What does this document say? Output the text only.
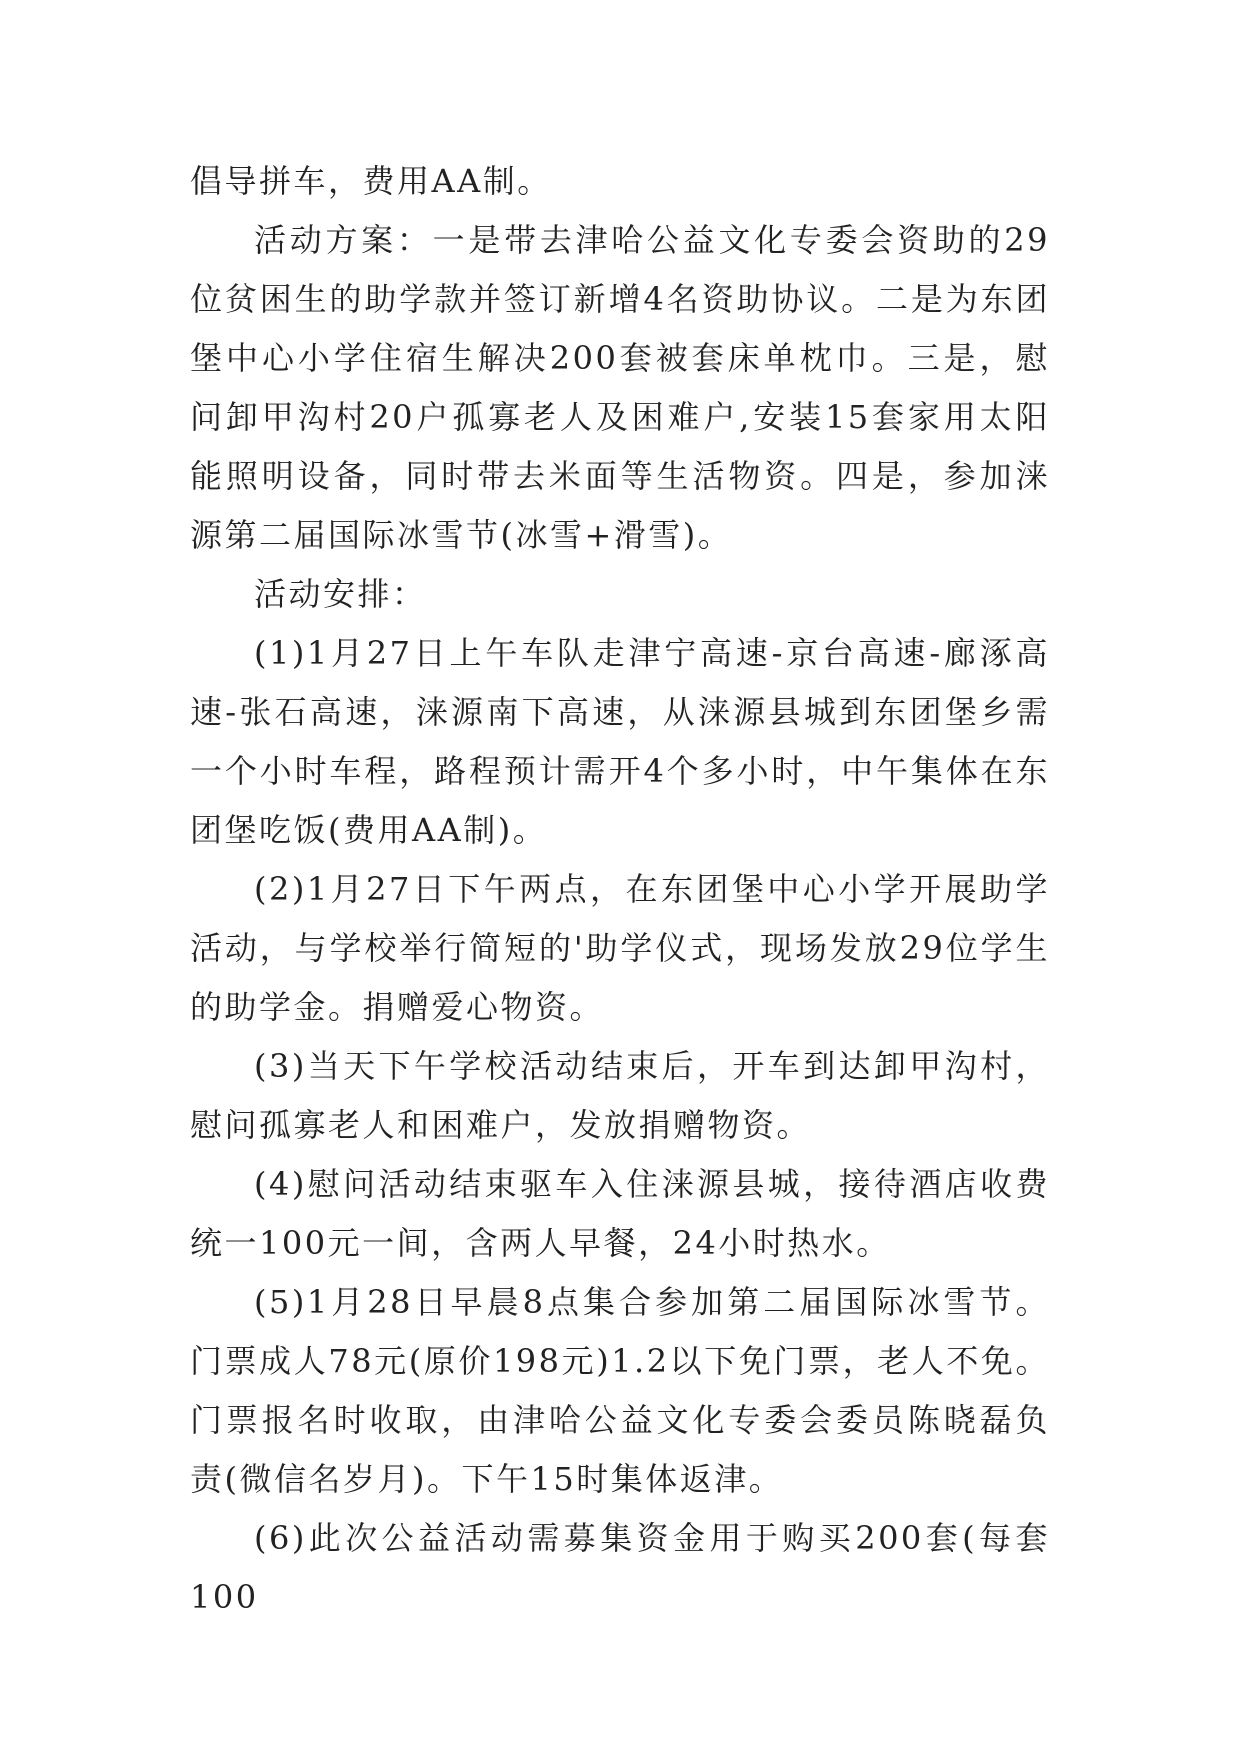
倡导拼车，费用AA制。

活动方案：一是带去津哈公益文化专委会资助的29位贫困生的助学款并签订新增4名资助协议。二是为东团堡中心小学住宿生解决200套被套床单枕巾。三是，慰问卸甲沟村20户孤寡老人及困难户,安装15套家用太阳能照明设备，同时带去米面等生活物资。四是，参加涞源第二届国际冰雪节(冰雪+滑雪)。

活动安排：

(1)1月27日上午车队走津宁高速-京台高速-廊涿高速-张石高速，涞源南下高速，从涞源县城到东团堡乡需一个小时车程，路程预计需开4个多小时，中午集体在东团堡吃饭(费用AA制)。

(2)1月27日下午两点，在东团堡中心小学开展助学活动，与学校举行简短的'助学仪式，现场发放29位学生的助学金。捐赠爱心物资。

(3)当天下午学校活动结束后，开车到达卸甲沟村，慰问孤寡老人和困难户，发放捐赠物资。

(4)慰问活动结束驱车入住涞源县城，接待酒店收费统一100元一间，含两人早餐，24小时热水。

(5)1月28日早晨8点集合参加第二届国际冰雪节。门票成人78元(原价198元)1.2以下免门票，老人不免。门票报名时收取，由津哈公益文化专委会委员陈晓磊负责(微信名岁月)。下午15时集体返津。

(6)此次公益活动需募集资金用于购买200套(每套100
